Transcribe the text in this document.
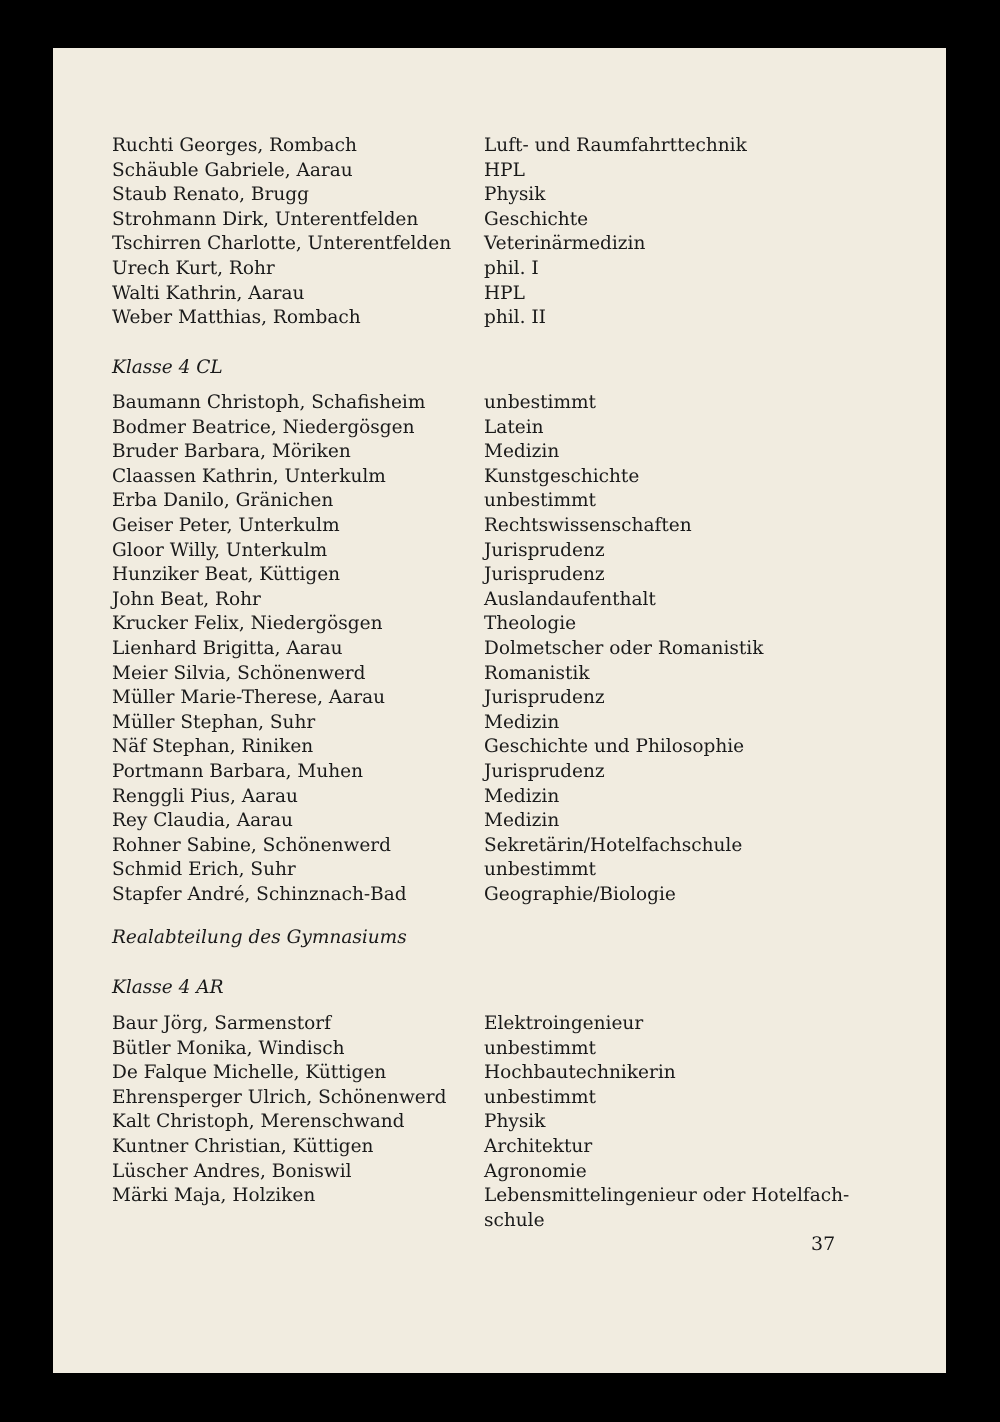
Ruchti Georges, Rombach	Luft- und Raumfahrttechnik
Schäuble Gabriele, Aarau	HPL
Staub Renato, Brugg	Physik
Strohmann Dirk, Unterentfelden	Geschichte
Tschirren Charlotte, Unterentfelden Veterinärmedizin
Urech Kurt, Rohr	phil. I
Walti Kathrin, Aarau	HPL
Weber Matthias, Rombach	phil. II
Klasse 4 CL
Baumann Christoph, Schafisheim	unbestimmt
Bodmer Beatrice, Niedergösgen	Latein
Bruder Barbara, Möriken	Medizin
Claassen Kathrin, Unterkulm	Kunstgeschichte
Erba Danilo, Gränichen	unbestimmt
Geiser Peter, Unterkulm	Rechtswissenschaften
Gloor Willy, Unterkulm	Jurisprudenz
Hunziker Beat, Küttigen	Jurisprudenz
John Beat, Rohr	Auslandaufenthalt
Krucker Felix, Niedergösgen	Theologie
Lienhard Brigitta, Aarau	Dolmetscher oder Romanistik
Meier Silvia, Schönenwerd	Romanistik
Müller Marie-Therese, Aarau	Jurisprudenz
Müller Stephan, Suhr	Medizin
Näf Stephan, Riniken	Geschichte und Philosophie
Portmann Barbara, Muhen	Jurisprudenz
Renggli Pius, Aarau	Medizin
Rey Claudia, Aarau	Medizin
Rohner Sabine, Schönenwerd	Sekretärin/Hotelfachschule
Schmid Erich, Suhr	unbestimmt
Stapfer André, Schinznach-Bad	Geographie/Biologie
Realabteilung des Gymnasiums
Klasse 4 AR
Baur Jörg, Sarmenstorf	Elektroingenieur
Bütler Monika, Windisch	unbestimmt
De Falque Michelle, Küttigen	Hochbautechnikerin
Ehrensperger Ulrich, Schönenwerd unbestimmt
Kalt Christoph, Merenschwand	Physik
Kuntner Christian, Küttigen	Architektur
Lüscher Andres, Boniswil	Agronomie
Märki Maja, Holziken	Lebensmittelingenieur oder Hotelfach-
schule
37
